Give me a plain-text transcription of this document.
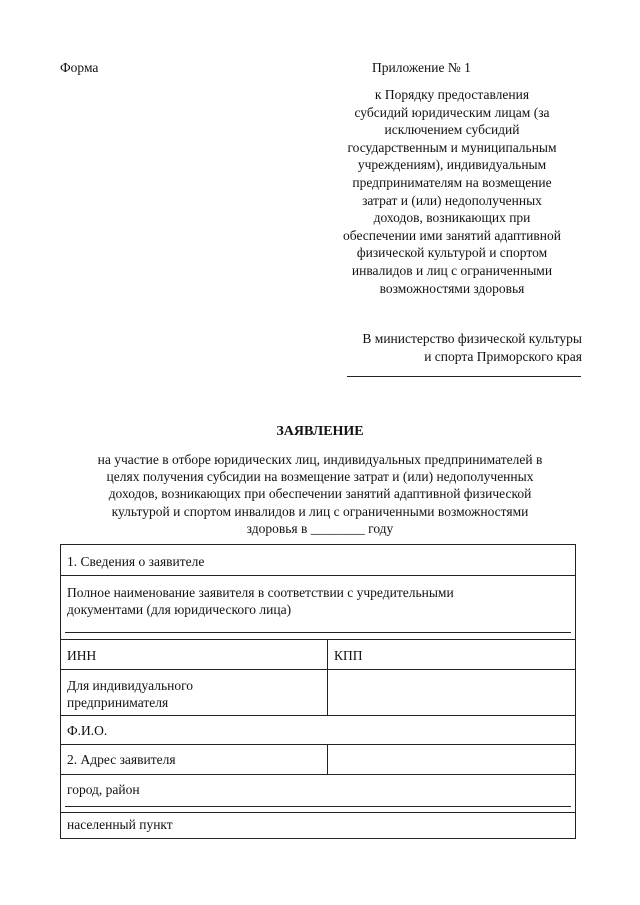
Форма	Приложение № 1
к Порядку предоставления
субсидий юридическим лицам (за
исключением субсидий
государственным и муниципальным
учреждениям), индивидуальным
предпринимателям на возмещение
затрат и (или) недополученных
доходов, возникающих при
обеспечении ими занятий адаптивной
физической культурой и спортом
инвалидов и лиц с ограниченными
возможностями здоровья
В министерство физической культуры
и спорта Приморского края
ЗАЯВЛЕНИЕ
на участие в отборе юридических лиц, индивидуальных предпринимателей в
целях получения субсидии на возмещение затрат и (или) недополученных
доходов, возникающих при обеспечении занятий адаптивной физической
культурой и спортом инвалидов и лиц с ограниченными возможностями
здоровья в ________ году
1. Сведения о заявителе
Полное наименование заявителя в соответствии с учредительными
документами (для юридического лица)
ИНН	КПП
Для индивидуального
предпринимателя
Ф.И.О.
2. Адрес заявителя
город, район
населенный пункт
